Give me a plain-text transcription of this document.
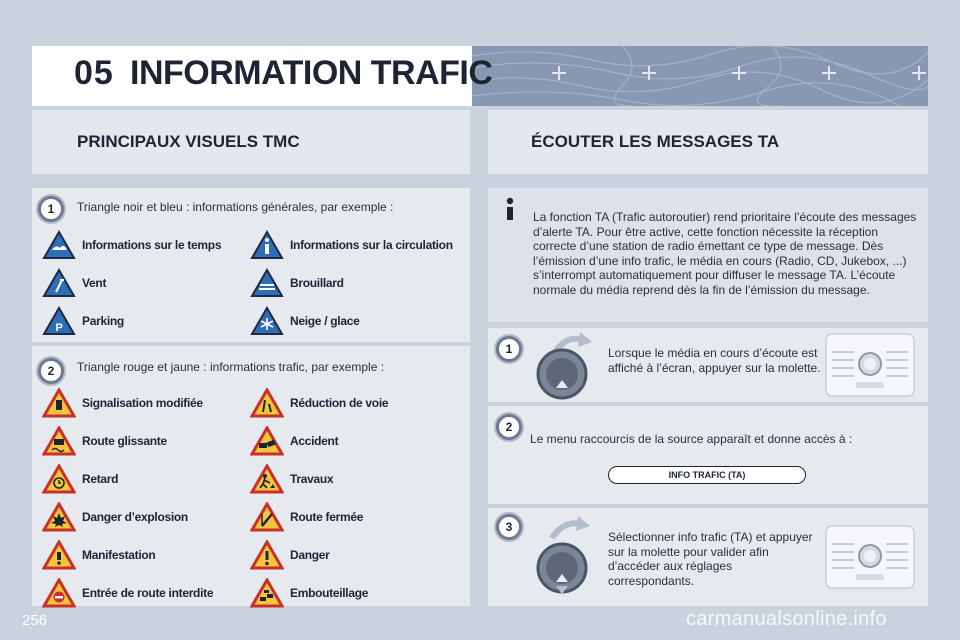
05 INFORMATION TRAFIC
PRINCIPAUX VISUELS TMC	ÉCOUTER LES MESSAGES TA
1	Triangle noir et bleu : informations générales, par exemple :
Informations sur le temps	Informations sur la circulation
Vent	Brouillard
P Parking	Neige / glace
2	Triangle rouge et jaune : informations trafic, par exemple :
Signalisation modifiée	Réduction de voie
Route glissante	Accident
Retard	Travaux
Danger d’explosion	Route fermée
Manifestation	Danger
Entrée de route interdite	Embouteillage
La fonction TA (Trafic autoroutier) rend prioritaire l’écoute des messages d’alerte TA. Pour être active, cette fonction nécessite la réception correcte d’une station de radio émettant ce type de message. Dès l’émission d’une info trafic, le média en cours (Radio, CD, Jukebox, ...) s’interrompt automatiquement pour diffuser le message TA. L’écoute normale du média reprend dès la fin de l’émission du message.
1	Lorsque le média en cours d’écoute est affiché à l’écran, appuyer sur la molette.
2
Le menu raccourcis de la source apparaît et donne accès à :
INFO TRAFIC (TA)
3
Sélectionner info trafic (TA) et appuyer sur la molette pour valider afin d’accéder aux réglages correspondants.
256	carmanualsonline.info
